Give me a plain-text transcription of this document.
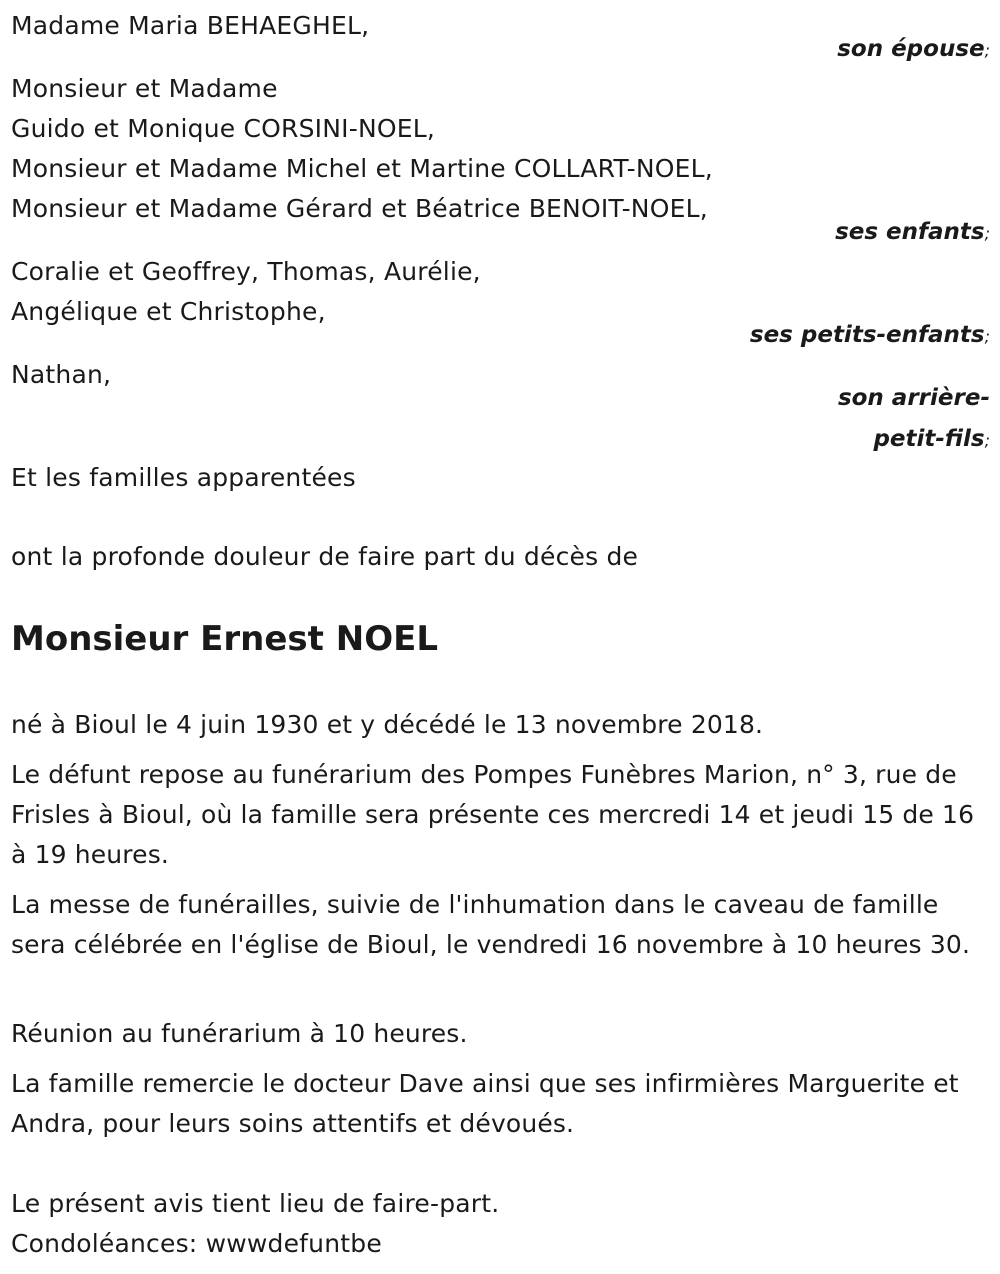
Madame Maria BEHAEGHEL,
son épouse;
Monsieur et Madame
Guido et Monique CORSINI-NOEL,
Monsieur et Madame Michel et Martine COLLART-NOEL,
Monsieur et Madame Gérard et Béatrice BENOIT-NOEL,
ses enfants;
Coralie et Geoffrey, Thomas, Aurélie,
Angélique et Christophe,
ses petits-enfants;
Nathan,
son arrière-
petit-fils;
Et les familles apparentées
ont la profonde douleur de faire part du décès de
Monsieur Ernest NOEL
né à Bioul le 4 juin 1930 et y décédé le 13 novembre 2018.
Le défunt repose au funérarium des Pompes Funèbres Marion, n° 3, rue de Frisles à Bioul, où la famille sera présente ces mercredi 14 et jeudi 15 de 16 à 19 heures.
La messe de funérailles, suivie de l'inhumation dans le caveau de famille sera célébrée en l'église de Bioul, le vendredi 16 novembre à 10 heures 30.
Réunion au funérarium à 10 heures.
La famille remercie le docteur Dave ainsi que ses infirmières Marguerite et Andra, pour leurs soins attentifs et dévoués.
Le présent avis tient lieu de faire-part.
Condoléances: wwwdefuntbe
